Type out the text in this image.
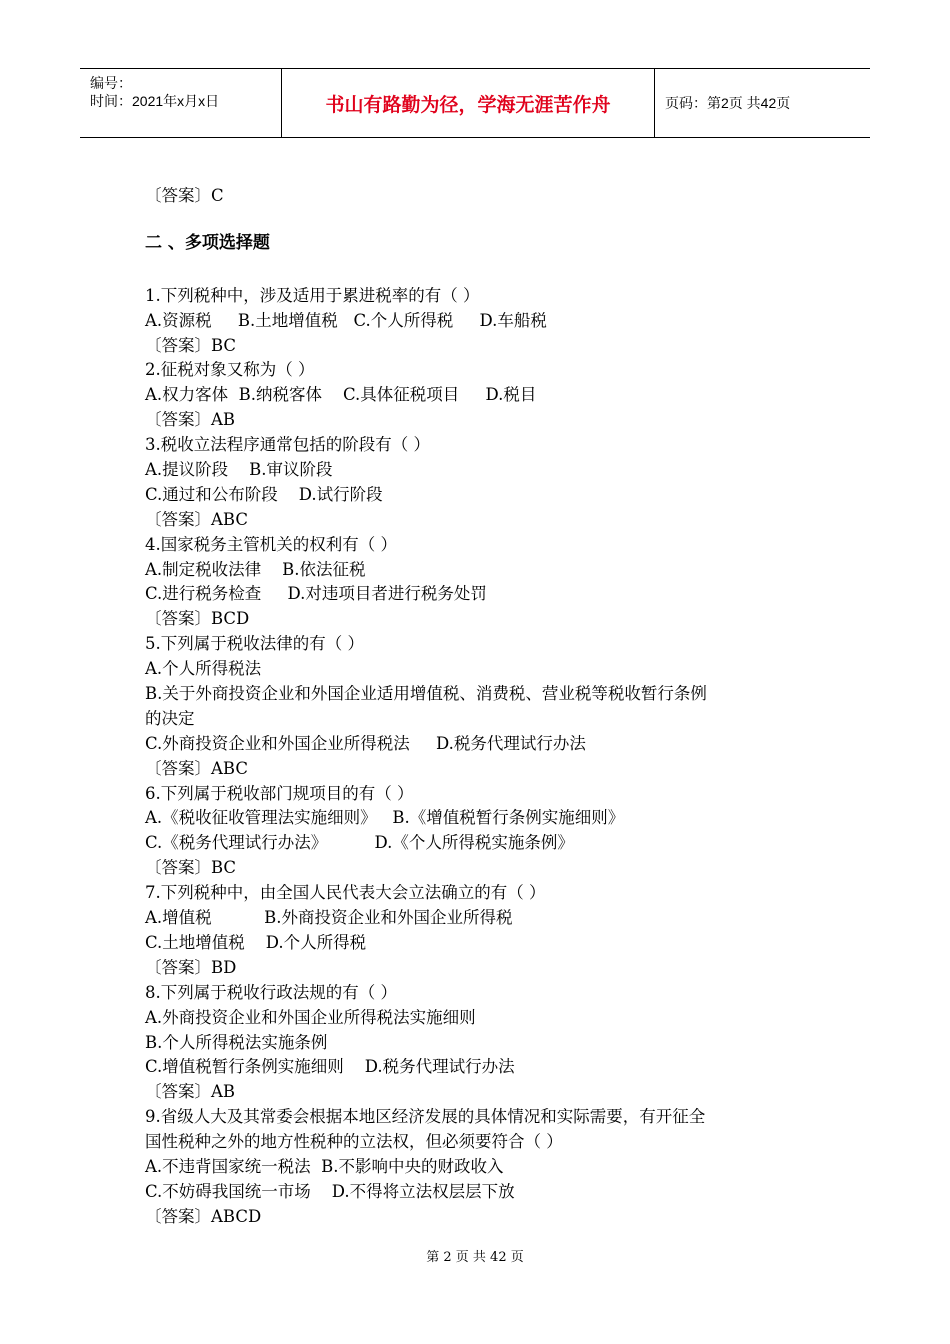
编号：
时间：2021年x月x日	书山有路勤为径，学海无涯苦作舟	页码：第2页 共42页
〔答案〕C
二 、多项选择题
1.下列税种中，涉及适用于累进税率的有（ ）
A.资源税     B.土地增值税   C.个人所得税     D.车船税
〔答案〕BC
2.征税对象又称为（ ）
A.权力客体  B.纳税客体    C.具体征税项目     D.税目
〔答案〕AB
3.税收立法程序通常包括的阶段有（ ）
A.提议阶段    B.审议阶段
C.通过和公布阶段    D.试行阶段
〔答案〕ABC
4.国家税务主管机关的权利有（ ）
A.制定税收法律    B.依法征税
C.进行税务检查     D.对违项目者进行税务处罚
〔答案〕BCD
5.下列属于税收法律的有（ ）
A.个人所得税法
B.关于外商投资企业和外国企业适用增值税、消费税、营业税等税收暂行条例
的决定
C.外商投资企业和外国企业所得税法     D.税务代理试行办法
〔答案〕ABC
6.下列属于税收部门规项目的有（ ）
A.《税收征收管理法实施细则》   B.《增值税暂行条例实施细则》
C.《税务代理试行办法》         D.《个人所得税实施条例》
〔答案〕BC
7.下列税种中，由全国人民代表大会立法确立的有（ ）
A.增值税          B.外商投资企业和外国企业所得税
C.土地增值税    D.个人所得税
〔答案〕BD
8.下列属于税收行政法规的有（ ）
A.外商投资企业和外国企业所得税法实施细则
B.个人所得税法实施条例
C.增值税暂行条例实施细则    D.税务代理试行办法
〔答案〕AB
9.省级人大及其常委会根据本地区经济发展的具体情况和实际需要，有开征全
国性税种之外的地方性税种的立法权，但必须要符合（ ）
A.不违背国家统一税法  B.不影响中央的财政收入
C.不妨碍我国统一市场    D.不得将立法权层层下放
〔答案〕ABCD
第 2 页 共 42 页
